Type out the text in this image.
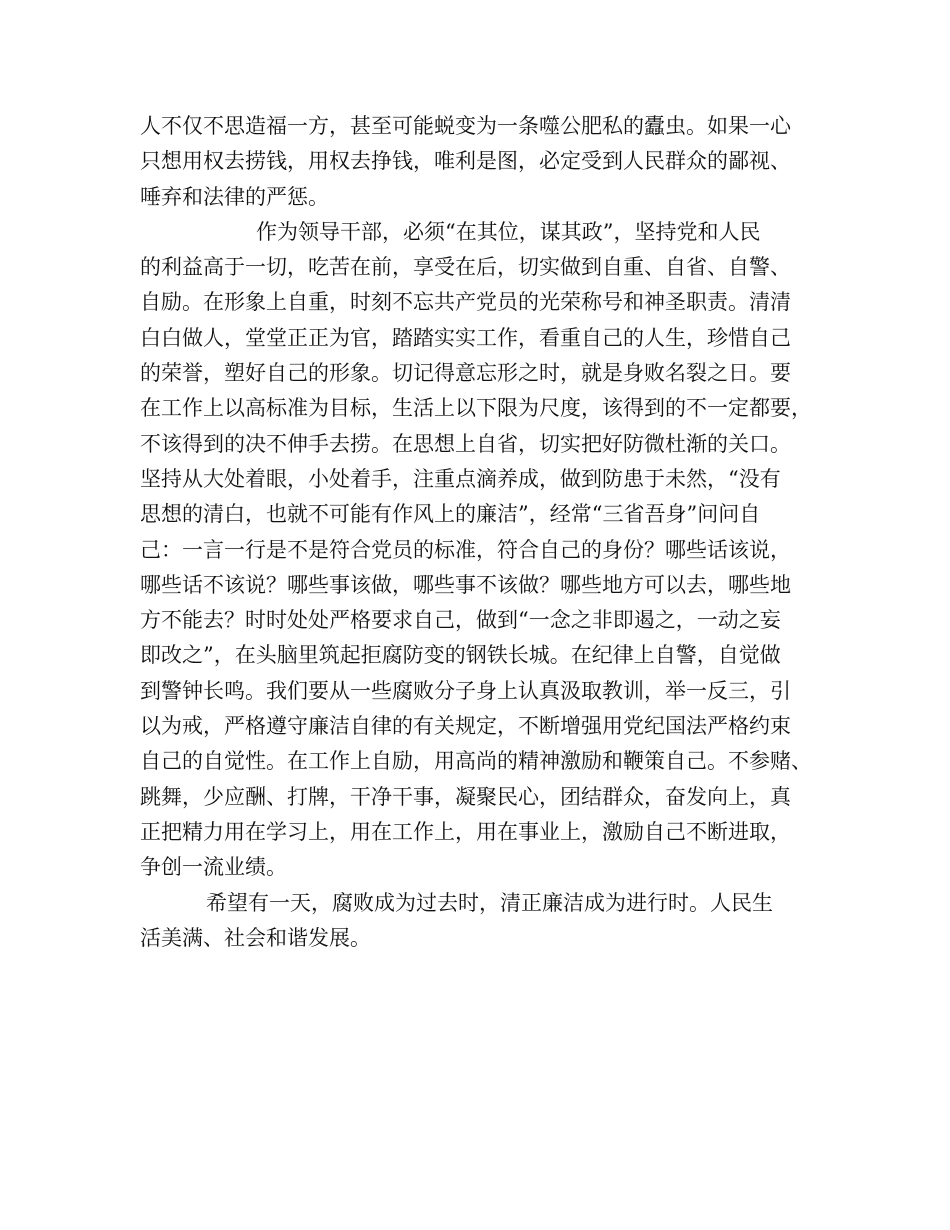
人不仅不思造福一方，甚至可能蜕变为一条噬公肥私的蠹虫。如果一心
只想用权去捞钱，用权去挣钱，唯利是图，必定受到人民群众的鄙视、
唾弃和法律的严惩。
作为领导干部，必须“在其位，谋其政”，坚持党和人民
的利益高于一切，吃苦在前，享受在后，切实做到自重、自省、自警、
自励。在形象上自重，时刻不忘共产党员的光荣称号和神圣职责。清清
白白做人，堂堂正正为官，踏踏实实工作，看重自己的人生，珍惜自己
的荣誉，塑好自己的形象。切记得意忘形之时，就是身败名裂之日。要
在工作上以高标准为目标，生活上以下限为尺度，该得到的不一定都要，
不该得到的决不伸手去捞。在思想上自省，切实把好防微杜渐的关口。
坚持从大处着眼，小处着手，注重点滴养成，做到防患于未然，“没有
思想的清白，也就不可能有作风上的廉洁”，经常“三省吾身”问问自
己：一言一行是不是符合党员的标准，符合自己的身份？哪些话该说，
哪些话不该说？哪些事该做，哪些事不该做？哪些地方可以去，哪些地
方不能去？时时处处严格要求自己，做到“一念之非即遏之，一动之妄
即改之”，在头脑里筑起拒腐防变的钢铁长城。在纪律上自警，自觉做
到警钟长鸣。我们要从一些腐败分子身上认真汲取教训，举一反三，引
以为戒，严格遵守廉洁自律的有关规定，不断增强用党纪国法严格约束
自己的自觉性。在工作上自励，用高尚的精神激励和鞭策自己。不参赌、
跳舞，少应酬、打牌，干净干事，凝聚民心，团结群众，奋发向上，真
正把精力用在学习上，用在工作上，用在事业上，激励自己不断进取，
争创一流业绩。
希望有一天，腐败成为过去时，清正廉洁成为进行时。人民生
活美满、社会和谐发展。
